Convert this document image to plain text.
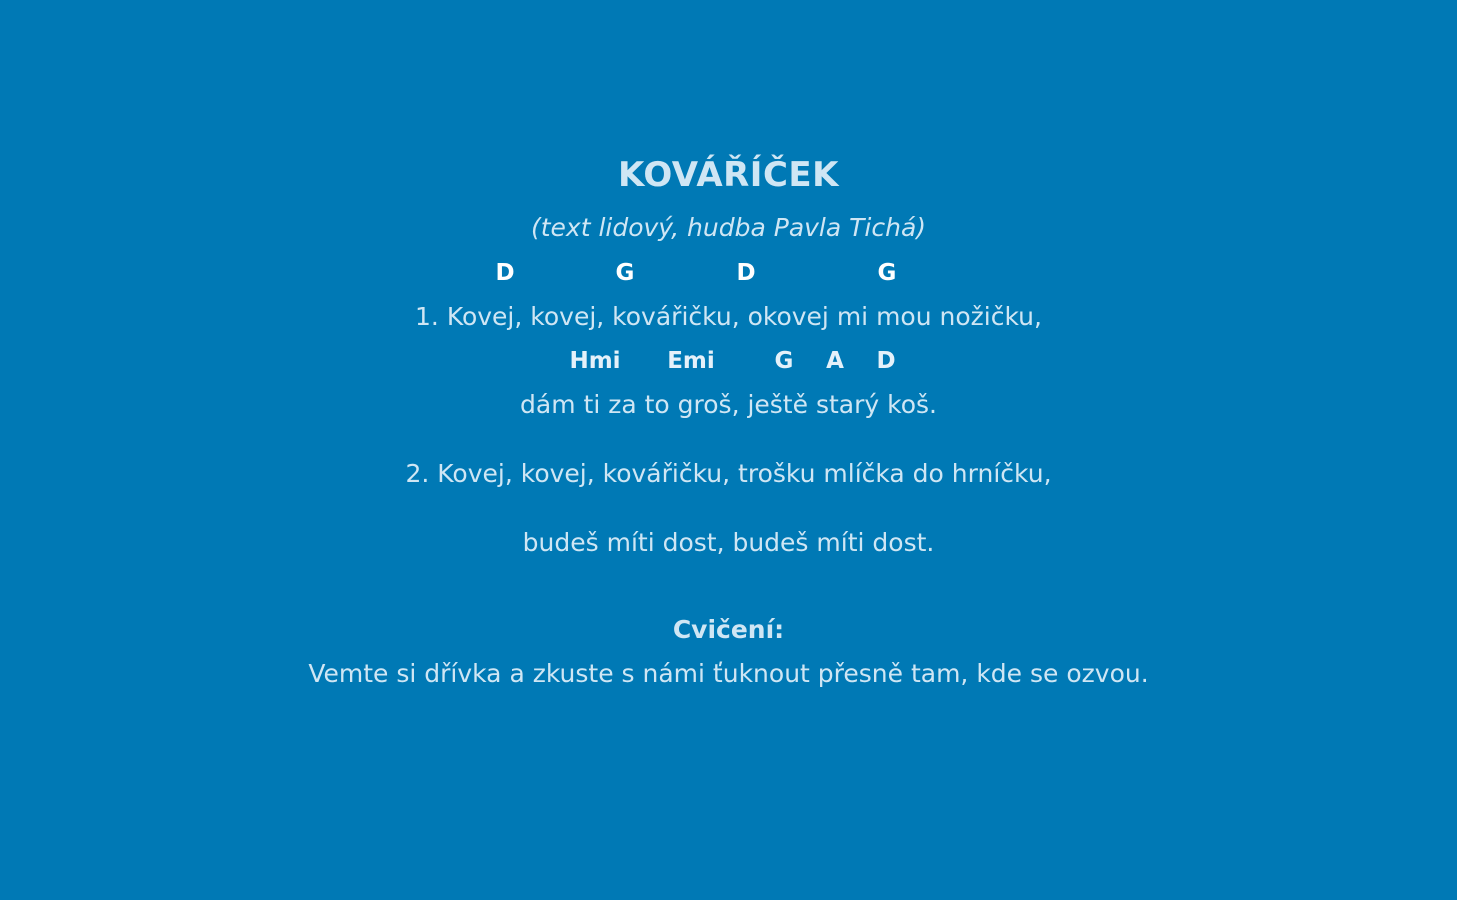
KOVÁŘÍČEK
(text lidový, hudba Pavla Tichá)
D	G	D	G
1. Kovej, kovej, kovářičku, okovej mi mou nožičku,
Hmi Emi	G A D
dám ti za to groš, ještě starý koš.
2. Kovej, kovej, kovářičku, trošku mlíčka do hrníčku,
budeš míti dost, budeš míti dost.
Cvičení:
Vemte si dřívka a zkuste s námi ťuknout přesně tam, kde se ozvou.
